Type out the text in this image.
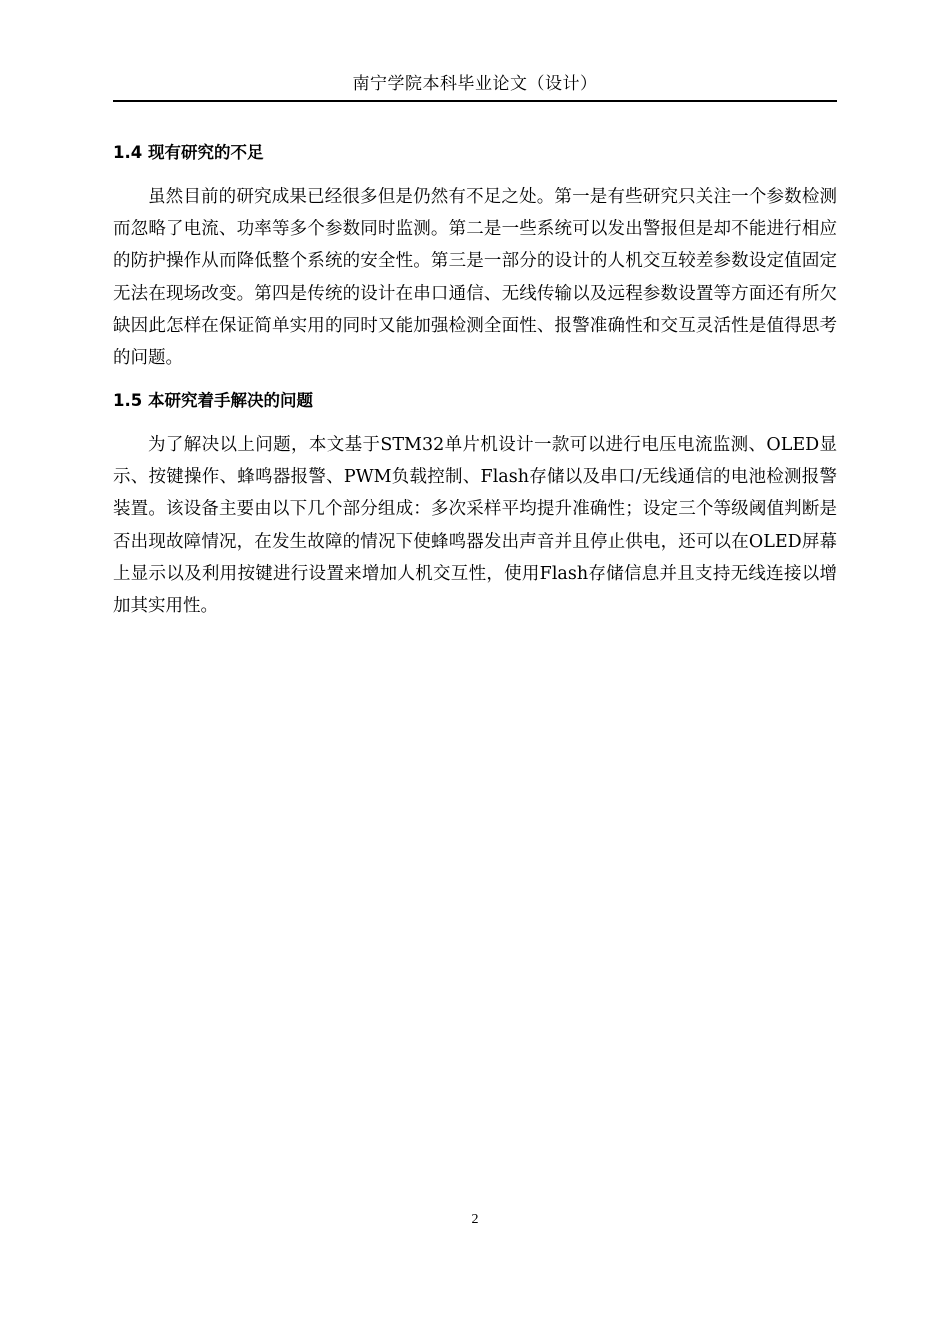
南宁学院本科毕业论文（设计）
1.4 现有研究的不足

虽然目前的研究成果已经很多但是仍然有不足之处。第一是有些研究只关注一个参数检测而忽略了电流、功率等多个参数同时监测。第二是一些系统可以发出警报但是却不能进行相应的防护操作从而降低整个系统的安全性。第三是一部分的设计的人机交互较差参数设定值固定无法在现场改变。第四是传统的设计在串口通信、无线传输以及远程参数设置等方面还有所欠缺因此怎样在保证简单实用的同时又能加强检测全面性、报警准确性和交互灵活性是值得思考的问题。

1.5 本研究着手解决的问题

为了解决以上问题，本文基于STM32单片机设计一款可以进行电压电流监测、OLED显示、按键操作、蜂鸣器报警、PWM负载控制、Flash存储以及串口/无线通信的电池检测报警装置。该设备主要由以下几个部分组成：多次采样平均提升准确性；设定三个等级阈值判断是否出现故障情况，在发生故障的情况下使蜂鸣器发出声音并且停止供电，还可以在OLED屏幕上显示以及利用按键进行设置来增加人机交互性，使用Flash存储信息并且支持无线连接以增加其实用性。

2
